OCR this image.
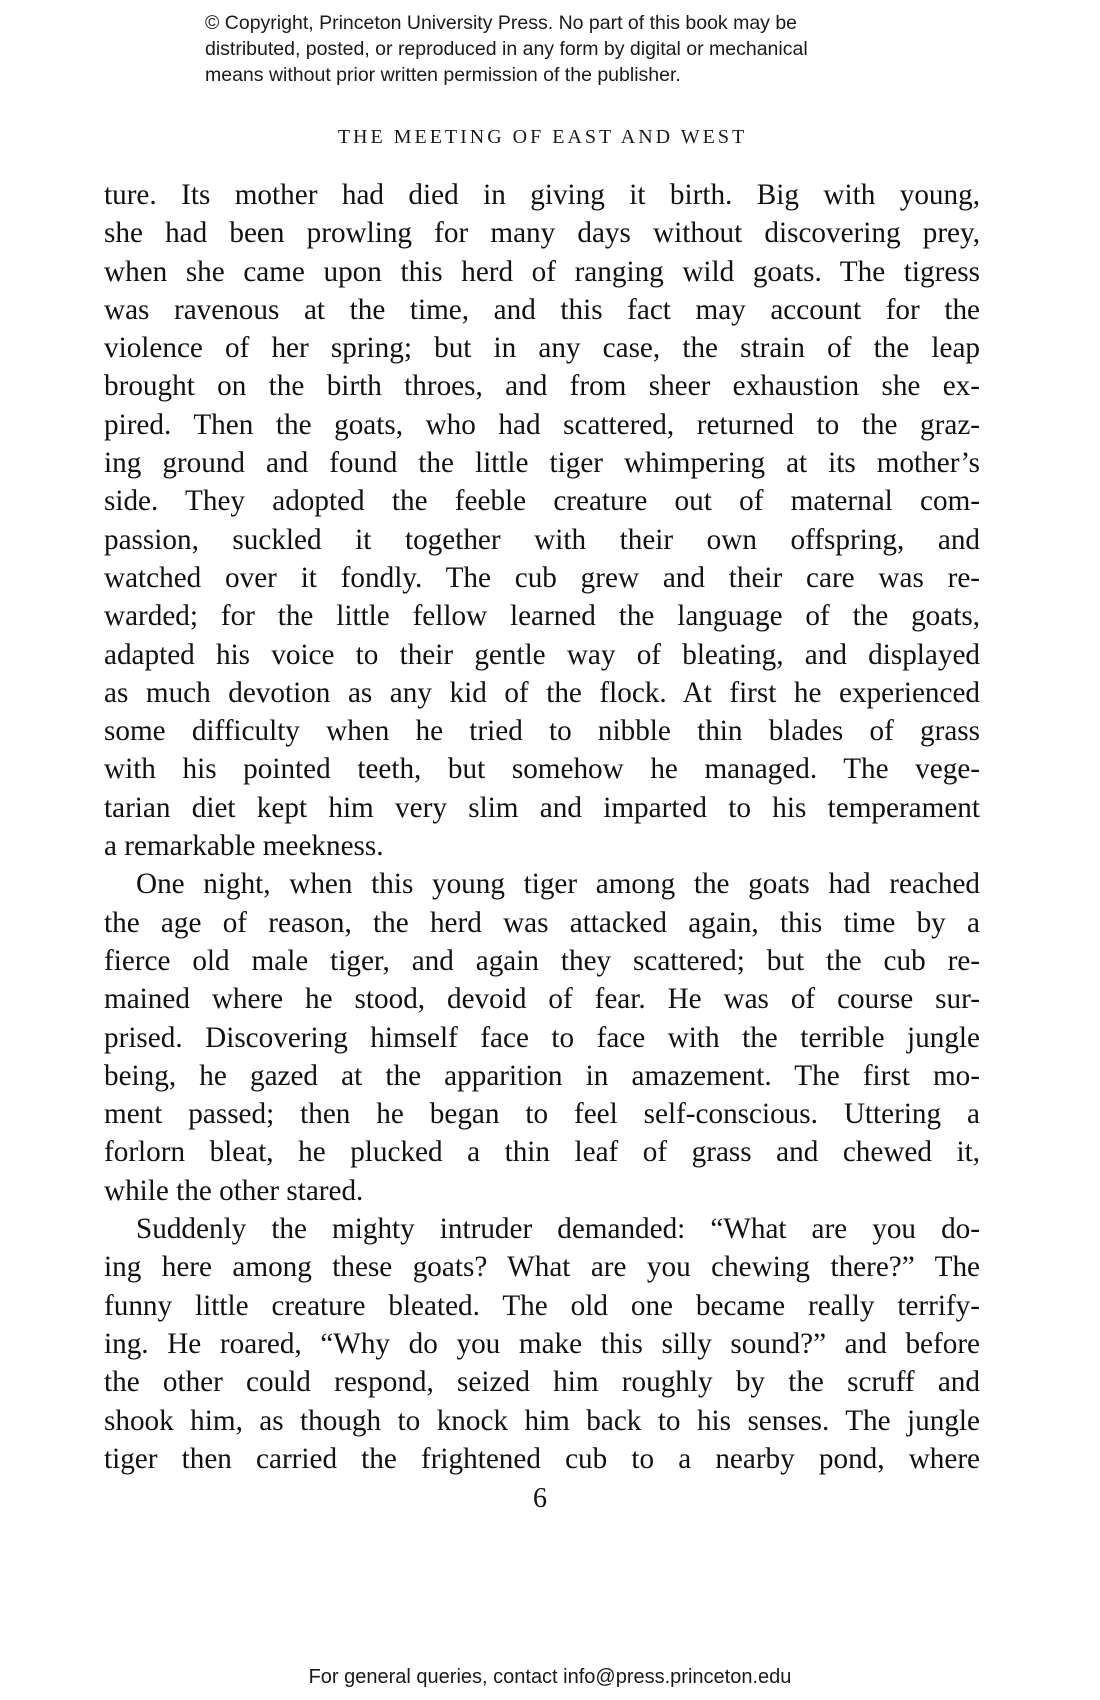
© Copyright, Princeton University Press. No part of this book may be
distributed, posted, or reproduced in any form by digital or mechanical
means without prior written permission of the publisher.
THE MEETING OF EAST AND WEST
ture. Its mother had died in giving it birth. Big with young,
she had been prowling for many days without discovering prey,
when she came upon this herd of ranging wild goats. The tigress
was ravenous at the time, and this fact may account for the
violence of her spring; but in any case, the strain of the leap
brought on the birth throes, and from sheer exhaustion she ex-
pired. Then the goats, who had scattered, returned to the graz-
ing ground and found the little tiger whimpering at its mother’s
side. They adopted the feeble creature out of maternal com-
passion, suckled it together with their own offspring, and
watched over it fondly. The cub grew and their care was re-
warded; for the little fellow learned the language of the goats,
adapted his voice to their gentle way of bleating, and displayed
as much devotion as any kid of the flock. At first he experienced
some difficulty when he tried to nibble thin blades of grass
with his pointed teeth, but somehow he managed. The vege-
tarian diet kept him very slim and imparted to his temperament
a remarkable meekness.
One night, when this young tiger among the goats had reached
the age of reason, the herd was attacked again, this time by a
fierce old male tiger, and again they scattered; but the cub re-
mained where he stood, devoid of fear. He was of course sur-
prised. Discovering himself face to face with the terrible jungle
being, he gazed at the apparition in amazement. The first mo-
ment passed; then he began to feel self-conscious. Uttering a
forlorn bleat, he plucked a thin leaf of grass and chewed it,
while the other stared.
Suddenly the mighty intruder demanded: “What are you do-
ing here among these goats? What are you chewing there?” The
funny little creature bleated. The old one became really terrify-
ing. He roared, “Why do you make this silly sound?” and before
the other could respond, seized him roughly by the scruff and
shook him, as though to knock him back to his senses. The jungle
tiger then carried the frightened cub to a nearby pond, where
6
For general queries, contact info@press.princeton.edu
